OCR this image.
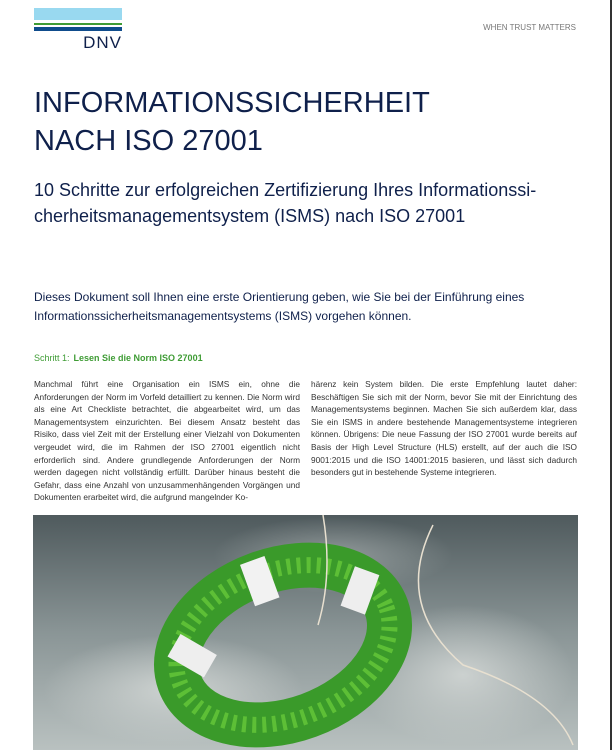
DNV
WHEN TRUST MATTERS
INFORMATIONSSICHERHEIT
NACH ISO 27001
10 Schritte zur erfolgreichen Zertifizierung Ihres Informationssicherheitsmanagementsystem (ISMS) nach ISO 27001
Dieses Dokument soll Ihnen eine erste Orientierung geben, wie Sie bei der Einführung eines Informationssicherheitsmanagementsystems (ISMS) vorgehen können.
Schritt 1: Lesen Sie die Norm ISO 27001
Manchmal führt eine Organisation ein ISMS ein, ohne die Anforderungen der Norm im Vorfeld detailliert zu kennen. Die Norm wird als eine Art Checkliste betrachtet, die abgearbeitet wird, um das Managementsystem einzurichten. Bei diesem Ansatz besteht das Risiko, dass viel Zeit mit der Erstellung einer Vielzahl von Dokumenten vergeudet wird, die im Rahmen der ISO 27001 eigentlich nicht erforderlich sind. Andere grundlegende Anforderungen der Norm werden dagegen nicht vollständig erfüllt. Darüber hinaus besteht die Gefahr, dass eine Anzahl von unzusammenhängenden Vorgängen und Dokumenten erarbeitet wird, die aufgrund mangelnder Ko-
härenz kein System bilden. Die erste Empfehlung lautet daher: Beschäftigen Sie sich mit der Norm, bevor Sie mit der Einrichtung des Managementsystems beginnen. Machen Sie sich außerdem klar, dass Sie ein ISMS in andere bestehende Managementsysteme integrieren können. Übrigens: Die neue Fassung der ISO 27001 wurde bereits auf Basis der High Level Structure (HLS) erstellt, auf der auch die ISO 9001:2015 und die ISO 14001:2015 basieren, und lässt sich dadurch besonders gut in bestehende Systeme integrieren.
